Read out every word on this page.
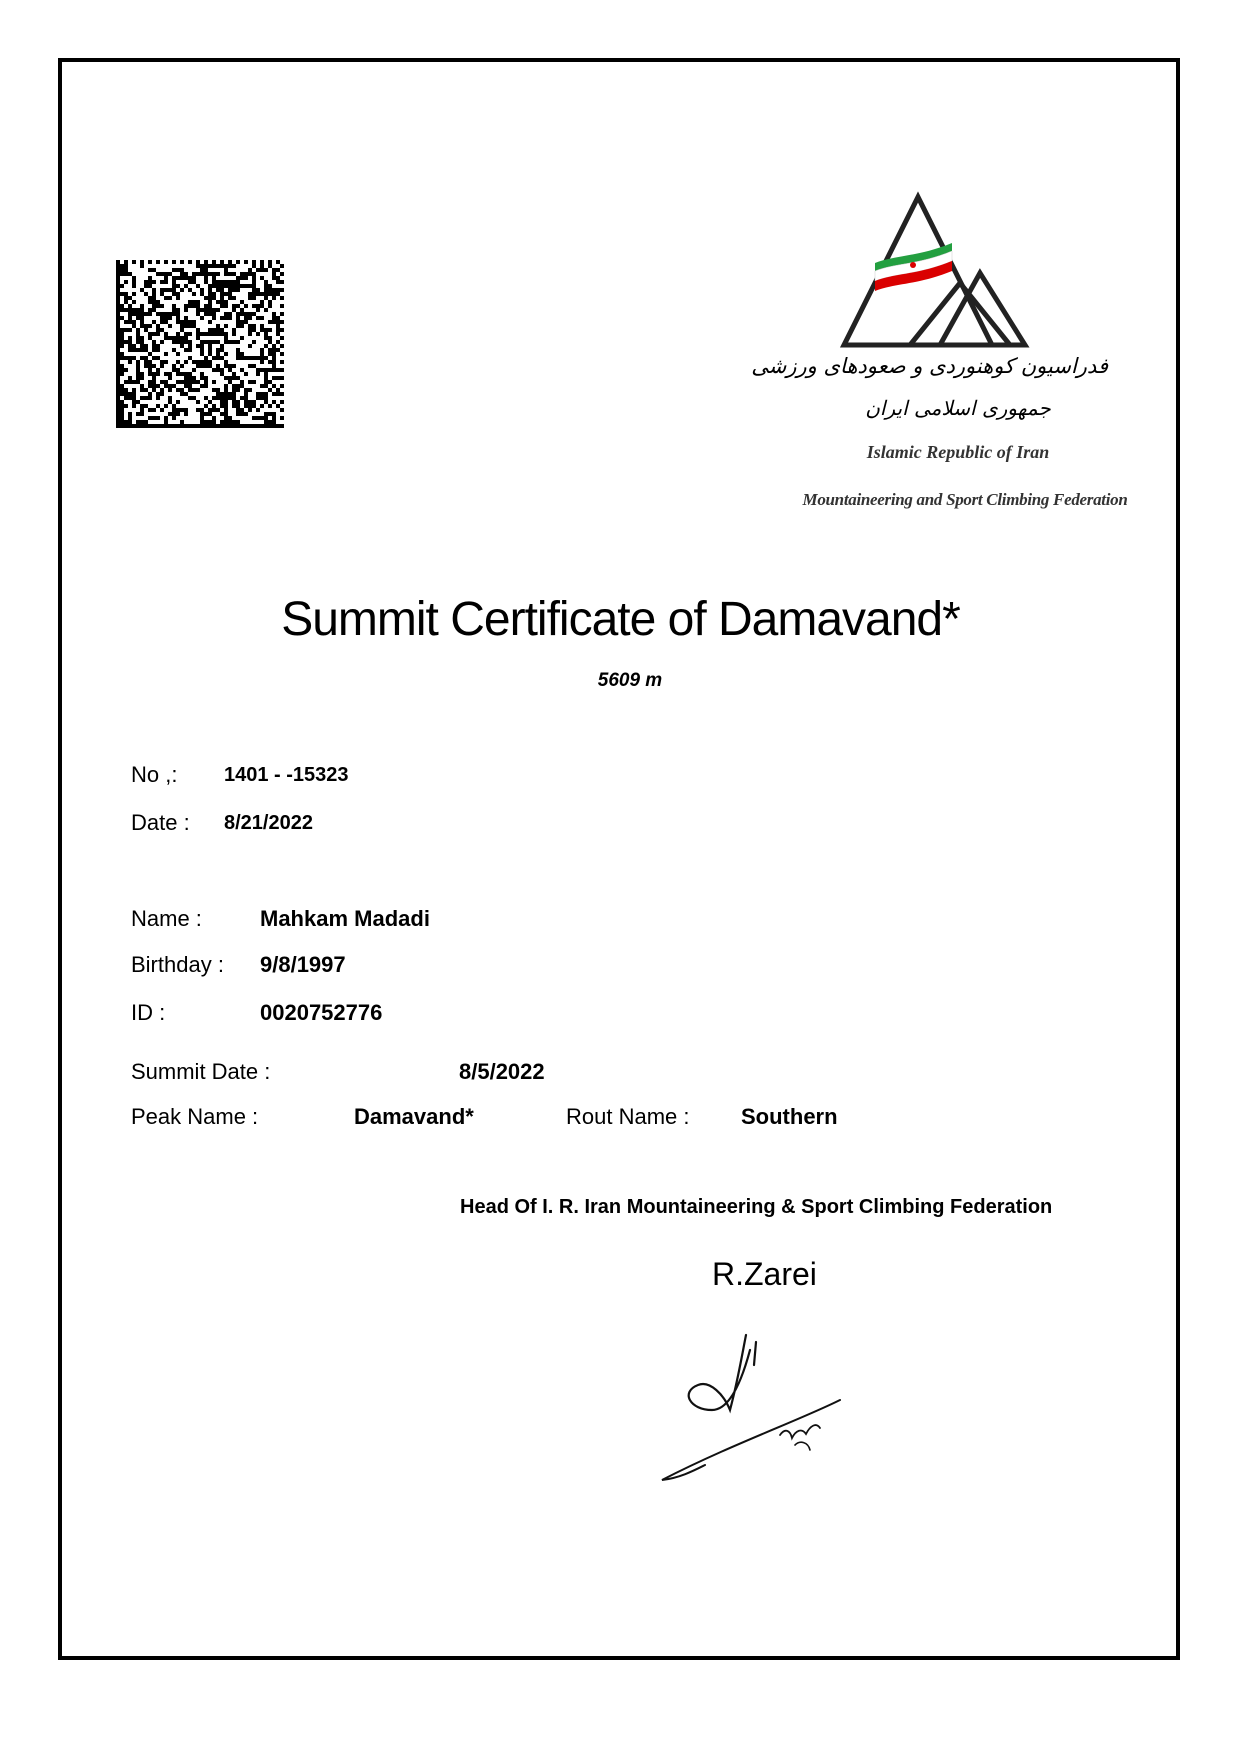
فدراسیون کوهنوردی و صعودهای ورزشی
جمهوری اسلامی ایران
Islamic Republic of Iran
Mountaineering and Sport Climbing Federation
Summit Certificate of Damavand*
5609 m
No ,: 1401 - -15323
Date : 8/21/2022
Name :	Mahkam Madadi
Birthday : 9/8/1997
ID :	0020752776
Summit Date :	8/5/2022
Peak Name :	Damavand*	Rout Name : Southern
Head Of I. R. Iran Mountaineering & Sport Climbing Federation
R.Zarei
